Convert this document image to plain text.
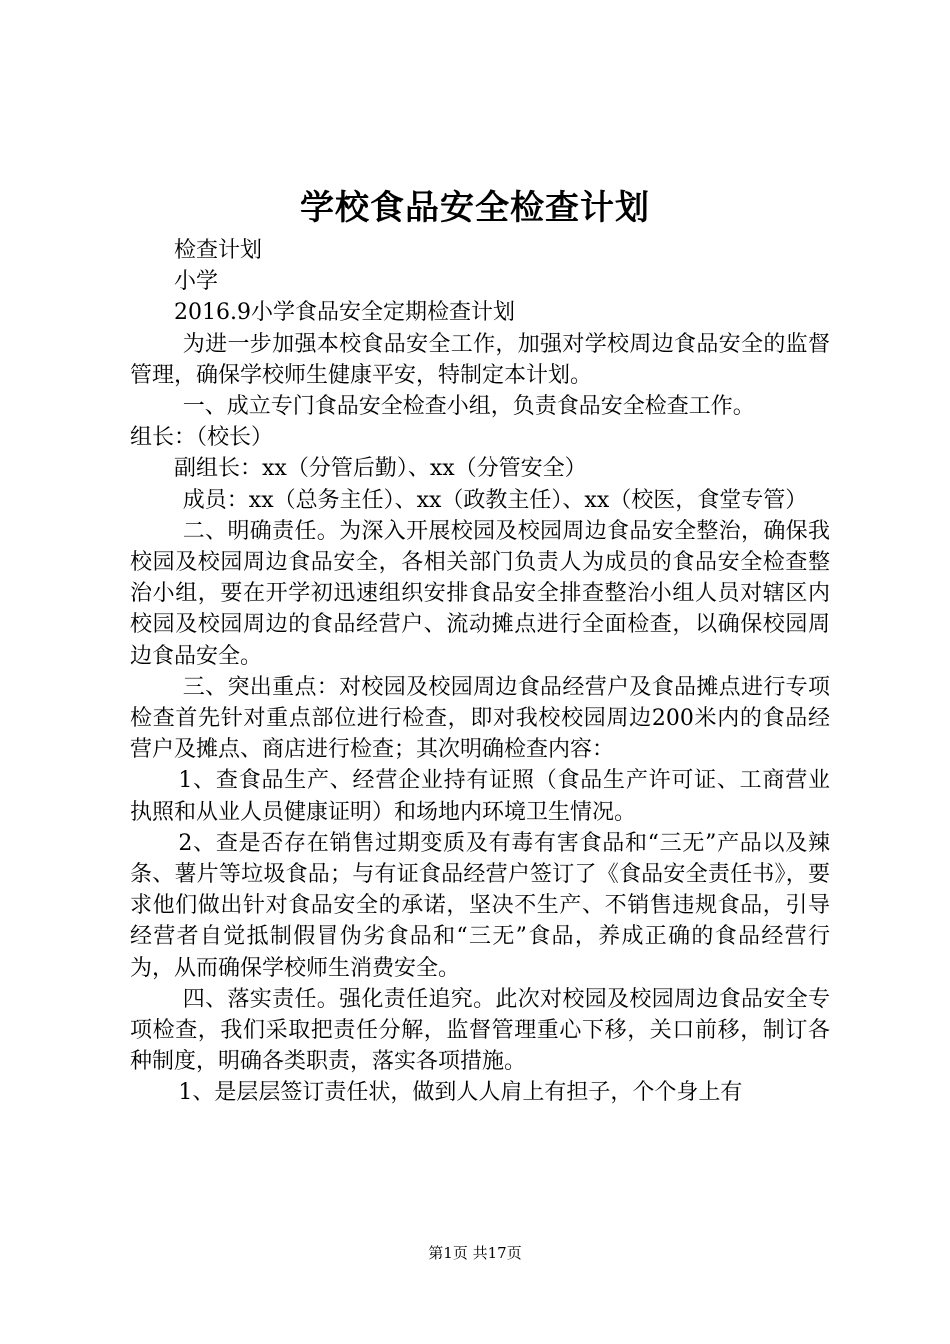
学校食品安全检查计划

检查计划

小学

2016.9小学食品安全定期检查计划

为进一步加强本校食品安全工作，加强对学校周边食品安全的监督管理，确保学校师生健康平安，特制定本计划。

一、成立专门食品安全检查小组，负责食品安全检查工作。

组长：（校长）

副组长：xx（分管后勤）、xx（分管安全）

成员：xx（总务主任）、xx（政教主任）、xx（校医，食堂专管）

二、明确责任。为深入开展校园及校园周边食品安全整治，确保我校园及校园周边食品安全，各相关部门负责人为成员的食品安全检查整治小组，要在开学初迅速组织安排食品安全排查整治小组人员对辖区内校园及校园周边的食品经营户、流动摊点进行全面检查，以确保校园周边食品安全。

三、突出重点：对校园及校园周边食品经营户及食品摊点进行专项检查首先针对重点部位进行检查，即对我校校园周边200米内的食品经营户及摊点、商店进行检查；其次明确检查内容：

1、查食品生产、经营企业持有证照（食品生产许可证、工商营业执照和从业人员健康证明）和场地内环境卫生情况。

2、查是否存在销售过期变质及有毒有害食品和“三无”产品以及辣条、薯片等垃圾食品；与有证食品经营户签订了《食品安全责任书》，要求他们做出针对食品安全的承诺，坚决不生产、不销售违规食品，引导经营者自觉抵制假冒伪劣食品和“三无”食品，养成正确的食品经营行为，从而确保学校师生消费安全。

四、落实责任。强化责任追究。此次对校园及校园周边食品安全专项检查，我们采取把责任分解，监督管理重心下移，关口前移，制订各种制度，明确各类职责，落实各项措施。

1、是层层签订责任状，做到人人肩上有担子，个个身上有

第1页 共17页
